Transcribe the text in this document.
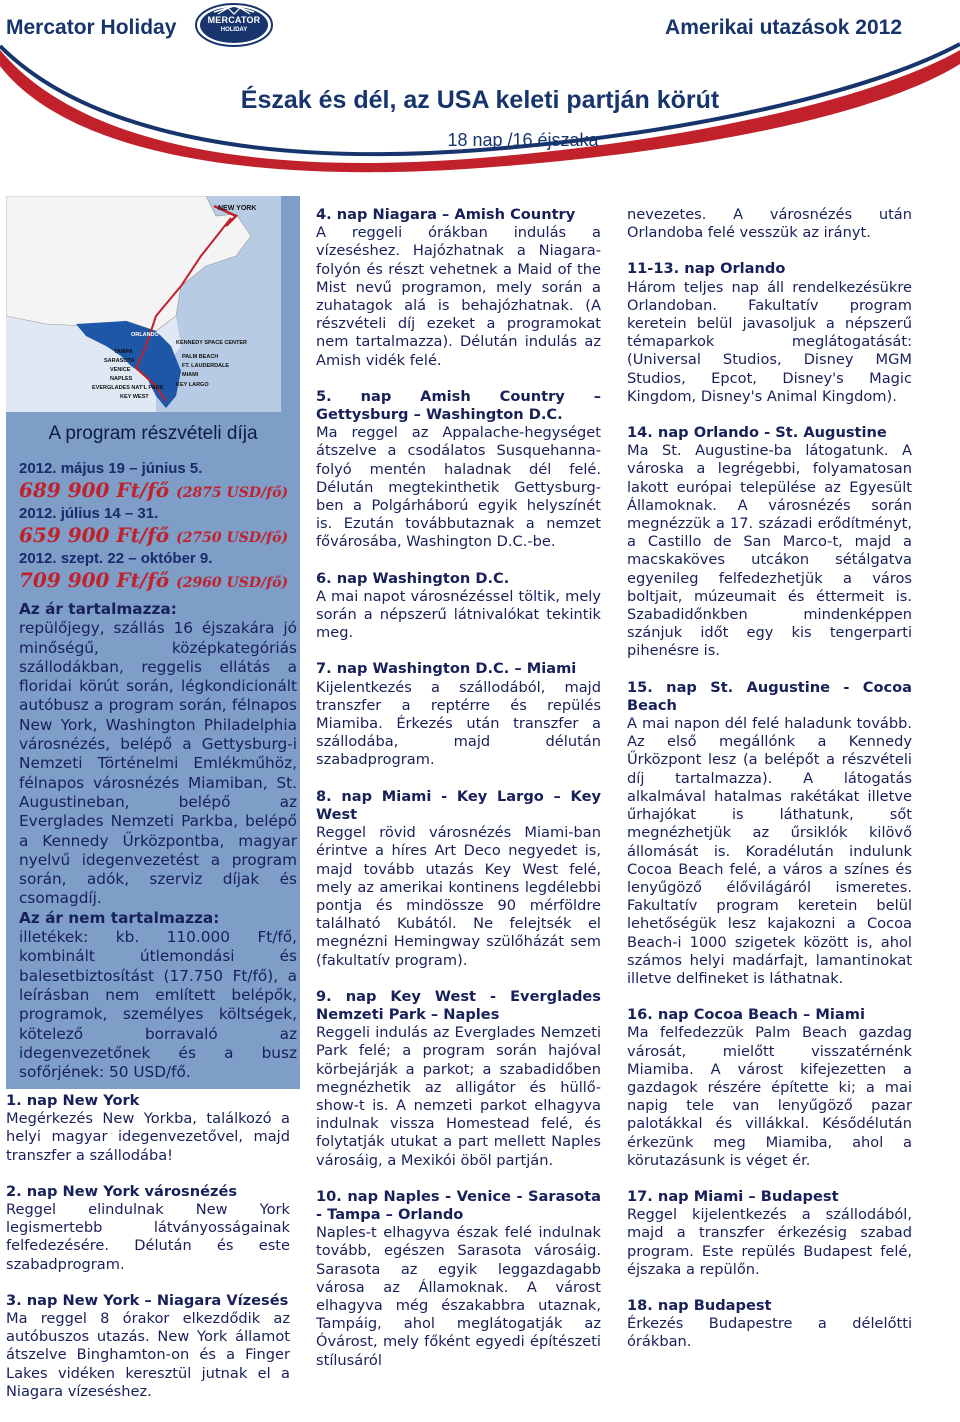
Mercator Holiday	MERCATOR
HOLIDAY	Amerikai utazások 2012
Észak és dél, az USA keleti partján körút
18 nap /16 éjszaka
NEW YORK
ORLANDO
KENNEDY SPACE CENTER
TAMPA
SARASOTA
VENICE
NAPLES
EVERGLADES NAT'L PARK
KEY WEST
PALM BEACH
FT. LAUDERDALE
MIAMI
KEY LARGO
A program részvételi díja
2012. május 19 – június 5.
689 900 Ft/fő (2875 USD/fő)
2012. július 14 – 31.
659 900 Ft/fő (2750 USD/fő)
2012. szept. 22 – október 9.
709 900 Ft/fő (2960 USD/fő)
Az ár tartalmazza:
repülőjegy, szállás 16 éjszakára jó minőségű, középkategóriás szállodákban, reggelis ellátás a floridai körút során, légkondicionált autóbusz a program során, félnapos New York, Washington Philadelphia városnézés, belépő a Gettysburg-i Nemzeti Történelmi Emlékműhöz, félnapos városnézés Miamiban, St. Augustineban, belépő az Everglades Nemzeti Parkba, belépő a Kennedy Űrközpontba, magyar nyelvű idegenvezetést a program során, adók, szerviz díjak és csomagdíj.
Az ár nem tartalmazza:
illetékek: kb. 110.000 Ft/fő, kombinált útlemondási és balesetbiztosítást (17.750 Ft/fő), a leírásban nem említett belépők, programok, személyes költségek, kötelező borravaló az idegenvezetőnek és a busz sofőrjének: 50 USD/fő.
1. nap New York
Megérkezés New Yorkba, találkozó a helyi magyar idegenvezetővel, majd transzfer a szállodába!
2. nap New York városnézés
Reggel elindulnak New York legismertebb látványosságainak felfedezésére. Délután és este szabadprogram.
3. nap New York – Niagara Vízesés
Ma reggel 8 órakor elkezdődik az autóbuszos utazás. New York államot átszelve Binghamton-on és a Finger Lakes vidéken keresztül jutnak el a Niagara vízeséshez.
4. nap Niagara – Amish Country
A reggeli órákban indulás a vízeséshez. Hajózhatnak a Niagara-folyón és részt vehetnek a Maid of the Mist nevű programon, mely során a zuhatagok alá is behajózhatnak. (A részvételi díj ezeket a programokat nem tartalmazza). Délután indulás az Amish vidék felé.
5. nap Amish Country – Gettysburg – Washington D.C.
Ma reggel az Appalache-hegységet átszelve a csodálatos Susquehanna-folyó mentén haladnak dél felé. Délután megtekinthetik Gettysburg-ben a Polgárháború egyik helyszínét is. Ezután továbbutaznak a nemzet fővárosába, Washington D.C.-be.
6. nap Washington D.C.
A mai napot városnézéssel töltik, mely során a népszerű látnivalókat tekintik meg.
7. nap Washington D.C. – Miami
Kijelentkezés a szállodából, majd transzfer a reptérre és repülés Miamiba. Érkezés után transzfer a szállodába, majd délután szabadprogram.
8. nap Miami - Key Largo – Key West
Reggel rövid városnézés Miami-ban érintve a híres Art Deco negyedet is, majd tovább utazás Key West felé, mely az amerikai kontinens legdélebbi pontja és mindössze 90 mérföldre található Kubától. Ne felejtsék el megnézni Hemingway szülőházát sem (fakultatív program).
9. nap Key West - Everglades Nemzeti Park – Naples
Reggeli indulás az Everglades Nemzeti Park felé; a program során hajóval körbejárják a parkot; a szabadidőben megnézhetik az alligátor és hüllő-show-t is. A nemzeti parkot elhagyva indulnak vissza Homestead felé, és folytatják utukat a part mellett Naples városáig, a Mexikói öböl partján.
10. nap Naples - Venice - Sarasota - Tampa – Orlando
Naples-t elhagyva észak felé indulnak tovább, egészen Sarasota városáig. Sarasota az egyik leggazdagabb városa az Államoknak. A várost elhagyva még északabbra utaznak, Tampáig, ahol meglátogatják az Óvárost, mely főként egyedi építészeti stílusáról
nevezetes. A városnézés után Orlandoba felé vesszük az irányt.
11-13. nap Orlando
Három teljes nap áll rendelkezésükre Orlandoban. Fakultatív program keretein belül javasoljuk a népszerű témaparkok meglátogatását: (Universal Studios, Disney MGM Studios, Epcot, Disney's Magic Kingdom, Disney's Animal Kingdom).
14. nap Orlando - St. Augustine
Ma St. Augustine-ba látogatunk. A városka a legrégebbi, folyamatosan lakott európai települése az Egyesült Államoknak. A városnézés során megnézzük a 17. századi erődítményt, a Castillo de San Marco-t, majd a macskaköves utcákon sétálgatva egyenileg felfedezhetjük a város boltjait, múzeumait és éttermeit is. Szabadidőnkben mindenképpen szánjuk időt egy kis tengerparti pihenésre is.
15. nap St. Augustine - Cocoa Beach
A mai napon dél felé haladunk tovább. Az első megállónk a Kennedy Űrközpont lesz (a belépőt a részvételi díj tartalmazza). A látogatás alkalmával hatalmas rakétákat illetve űrhajókat is láthatunk, sőt megnézhetjük az űrsiklók kilövő állomását is. Koradélután indulunk Cocoa Beach felé, a város a színes és lenyűgöző élővilágáról ismeretes. Fakultatív program keretein belül lehetőségük lesz kajakozni a Cocoa Beach-i 1000 szigetek között is, ahol számos helyi madárfajt, lamantinokat illetve delfineket is láthatnak.
16. nap Cocoa Beach – Miami
Ma felfedezzük Palm Beach gazdag városát, mielőtt visszatérnénk Miamiba. A várost kifejezetten a gazdagok részére építette ki; a mai napig tele van lenyűgöző pazar palotákkal és villákkal. Késődélután érkezünk meg Miamiba, ahol a körutazásunk is véget ér.
17. nap Miami – Budapest
Reggel kijelentkezés a szállodából, majd a transzfer érkezésig szabad program. Este repülés Budapest felé, éjszaka a repülőn.
18. nap Budapest
Érkezés Budapestre a délelőtti órákban.
